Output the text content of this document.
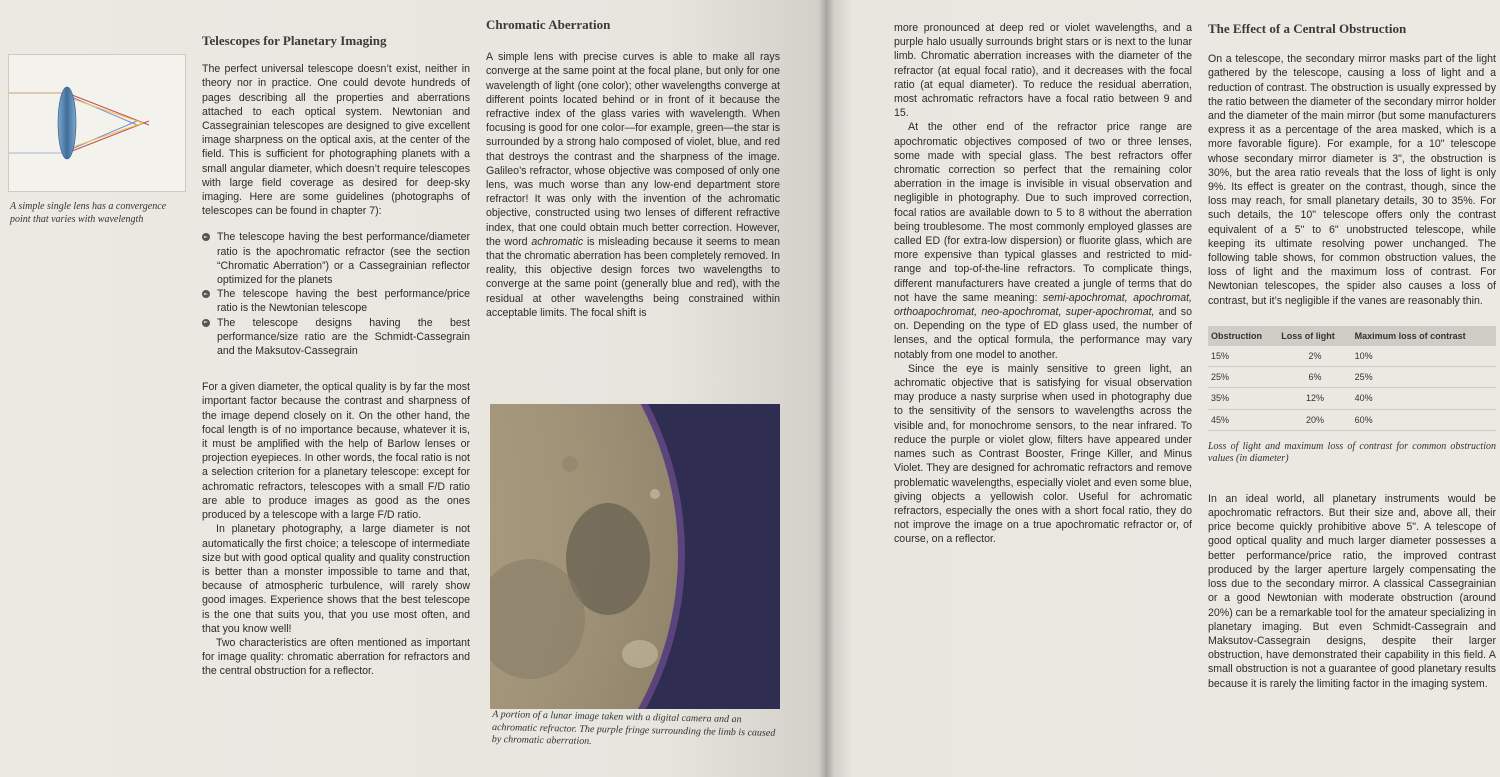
A simple single lens has a convergence point that varies with wavelength
Telescopes for Planetary Imaging

The perfect universal telescope doesn’t exist, neither in theory nor in practice. One could devote hundreds of pages describing all the properties and aberrations attached to each optical system. Newtonian and Cassegrainian telescopes are designed to give excellent image sharpness on the optical axis, at the center of the field. This is sufficient for photographing planets with a small angular diameter, which doesn’t require telescopes with large field coverage as desired for deep-sky imaging. Here are some guidelines (photographs of telescopes can be found in chapter 7):

The telescope having the best performance/diameter ratio is the apochromatic refractor (see the section “Chromatic Aberration”) or a Cassegrainian reflector optimized for the planets
The telescope having the best performance/price ratio is the Newtonian telescope
The telescope designs having the best performance/size ratio are the Schmidt-Cassegrain and the Maksutov-Cassegrain

For a given diameter, the optical quality is by far the most important factor because the contrast and sharpness of the image depend closely on it. On the other hand, the focal length is of no importance because, whatever it is, it must be amplified with the help of Barlow lenses or projection eyepieces. In other words, the focal ratio is not a selection criterion for a planetary telescope: except for achromatic refractors, telescopes with a small F/D ratio are able to produce images as good as the ones produced by a telescope with a large F/D ratio.

In planetary photography, a large diameter is not automatically the first choice; a telescope of intermediate size but with good optical quality and quality construction is better than a monster impossible to tame and that, because of atmospheric turbulence, will rarely show good images. Experience shows that the best telescope is the one that suits you, that you use most often, and that you know well!

Two characteristics are often mentioned as important for image quality: chromatic aberration for refractors and the central obstruction for a reflector.

Chromatic Aberration

A simple lens with precise curves is able to make all rays converge at the same point at the focal plane, but only for one wavelength of light (one color); other wavelengths converge at different points located behind or in front of it because the refractive index of the glass varies with wavelength. When focusing is good for one color—for example, green—the star is surrounded by a strong halo composed of violet, blue, and red that destroys the contrast and the sharpness of the image. Galileo’s refractor, whose objective was composed of only one lens, was much worse than any low-end department store refractor! It was only with the invention of the achromatic objective, constructed using two lenses of different refractive index, that one could obtain much better correction. However, the word achromatic is misleading because it seems to mean that the chromatic aberration has been completely removed. In reality, this objective design forces two wavelengths to converge at the same point (generally blue and red), with the residual at other wavelengths being constrained within acceptable limits. The focal shift is

A portion of a lunar image taken with a digital camera and an achromatic refractor. The purple fringe surrounding the limb is caused by chromatic aberration.

more pronounced at deep red or violet wavelengths, and a purple halo usually surrounds bright stars or is next to the lunar limb. Chromatic aberration increases with the diameter of the refractor (at equal focal ratio), and it decreases with the focal ratio (at equal diameter). To reduce the residual aberration, most achromatic refractors have a focal ratio between 9 and 15.

At the other end of the refractor price range are apochromatic objectives composed of two or three lenses, some made with special glass. The best refractors offer chromatic correction so perfect that the remaining color aberration in the image is invisible in visual observation and negligible in photography. Due to such improved correction, focal ratios are available down to 5 to 8 without the aberration being troublesome. The most commonly employed glasses are called ED (for extra-low dispersion) or fluorite glass, which are more expensive than typical glasses and restricted to mid-range and top-of-the-line refractors. To complicate things, different manufacturers have created a jungle of terms that do not have the same meaning: semi-apochromat, apochromat, orthoapochromat, neo-apochromat, super-apochromat, and so on. Depending on the type of ED glass used, the number of lenses, and the optical formula, the performance may vary notably from one model to another.

Since the eye is mainly sensitive to green light, an achromatic objective that is satisfying for visual observation may produce a nasty surprise when used in photography due to the sensitivity of the sensors to wavelengths across the visible and, for monochrome sensors, to the near infrared. To reduce the purple or violet glow, filters have appeared under names such as Contrast Booster, Fringe Killer, and Minus Violet. They are designed for achromatic refractors and remove problematic wavelengths, especially violet and even some blue, giving objects a yellowish color. Useful for achromatic refractors, especially the ones with a short focal ratio, they do not improve the image on a true apochromatic refractor or, of course, on a reflector.

The Effect of a Central Obstruction

On a telescope, the secondary mirror masks part of the light gathered by the telescope, causing a loss of light and a reduction of contrast. The obstruction is usually expressed by the ratio between the diameter of the secondary mirror holder and the diameter of the main mirror (but some manufacturers express it as a percentage of the area masked, which is a more favorable figure). For example, for a 10" telescope whose secondary mirror diameter is 3", the obstruction is 30%, but the area ratio reveals that the loss of light is only 9%. Its effect is greater on the contrast, though, since the loss may reach, for small planetary details, 30 to 35%. For such details, the 10" telescope offers only the contrast equivalent of a 5" to 6" unobstructed telescope, while keeping its ultimate resolving power unchanged. The following table shows, for common obstruction values, the loss of light and the maximum loss of contrast. For Newtonian telescopes, the spider also causes a loss of contrast, but it’s negligible if the vanes are reasonably thin.

Obstruction	Loss of light	Maximum loss of contrast
15%	2%	10%
25%	6%	25%
35%	12%	40%
45%	20%	60%
Loss of light and maximum loss of contrast for common obstruction values (in diameter)

In an ideal world, all planetary instruments would be apochromatic refractors. But their size and, above all, their price become quickly prohibitive above 5". A telescope of good optical quality and much larger diameter possesses a better performance/price ratio, the improved contrast produced by the larger aperture largely compensating the loss due to the secondary mirror. A classical Cassegrainian or a good Newtonian with moderate obstruction (around 20%) can be a remarkable tool for the amateur specializing in planetary imaging. But even Schmidt-Cassegrain and Maksutov-Cassegrain designs, despite their larger obstruction, have demonstrated their capability in this field. A small obstruction is not a guarantee of good planetary results because it is rarely the limiting factor in the imaging system.
